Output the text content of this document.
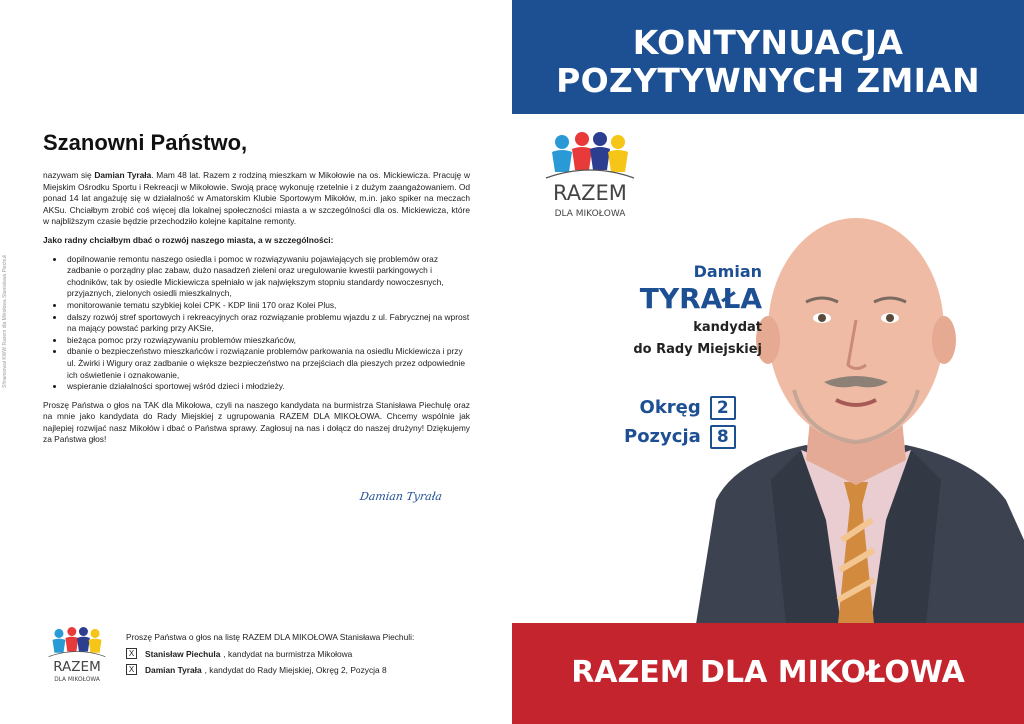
Sfinansował KWW Razem dla Mikołowa Stanisława Piechuli
Szanowni Państwo,

nazywam się Damian Tyrała. Mam 48 lat. Razem z rodziną mieszkam w Mikołowie na os. Mickiewicza. Pracuję w Miejskim Ośrodku Sportu i Rekreacji w Mikołowie. Swoją pracę wykonuję rzetelnie i z dużym zaangażowaniem. Od ponad 14 lat angażuję się w działalność w Amatorskim Klubie Sportowym Mikołów, m.in. jako spiker na meczach AKSu. Chciałbym zrobić coś więcej dla lokalnej społeczności miasta a w szczególności dla os. Mickiewicza, które w najbliższym czasie będzie przechodziło kolejne kapitalne remonty.

Jako radny chciałbym dbać o rozwój naszego miasta, a w szczególności:

• dopilnowanie remontu naszego osiedla i pomoc w rozwiązywaniu pojawiających się problemów oraz zadbanie o porządny plac zabaw, dużo nasadzeń zieleni oraz uregulowanie kwestii parkingowych i chodników, tak by osiedle Mickiewicza spełniało w jak największym stopniu standardy nowoczesnych, przyjaznych, zielonych osiedli mieszkalnych,
• monitorowanie tematu szybkiej kolei CPK - KDP linii 170 oraz Kolei Plus,
• dalszy rozwój stref sportowych i rekreacyjnych oraz rozwiązanie problemu wjazdu z ul. Fabrycznej na wprost na mający powstać parking przy AKSie,
• bieżąca pomoc przy rozwiązywaniu problemów mieszkańców,
• dbanie o bezpieczeństwo mieszkańców i rozwiązanie problemów parkowania na osiedlu Mickiewicza i przy ul. Żwirki i Wigury oraz zadbanie o większe bezpieczeństwo na przejściach dla pieszych przez odpowiednie ich oświetlenie i oznakowanie,
• wspieranie działalności sportowej wśród dzieci i młodzieży.

Proszę Państwa o głos na TAK dla Mikołowa, czyli na naszego kandydata na burmistrza Stanisława Piechulę oraz na mnie jako kandydata do Rady Miejskiej z ugrupowania RAZEM DLA MIKOŁOWA. Chcemy wspólnie jak najlepiej rozwijać nasz Mikołów i dbać o Państwa sprawy. Zagłosuj na nas i dołącz do naszej drużyny! Dziękujemy za Państwa głos!

Damian Tyrała
RAZEM
DLA MIKOŁOWA

Proszę Państwa o głos na listę RAZEM DLA MIKOŁOWA Stanisława Piechuli:

X	Stanisław Piechula , kandydat na burmistrza Mikołowa
X	Damian Tyrała , kandydat do Rady Miejskiej, Okręg 2, Pozycja 8
KONTYNUACJA
POZYTYWNYCH ZMIAN
RAZEM
DLA MIKOŁOWA
Damian
TYRAŁA
kandydat
do Rady Miejskiej
Okręg 2
Pozycja 8
RAZEM DLA MIKOŁOWA
